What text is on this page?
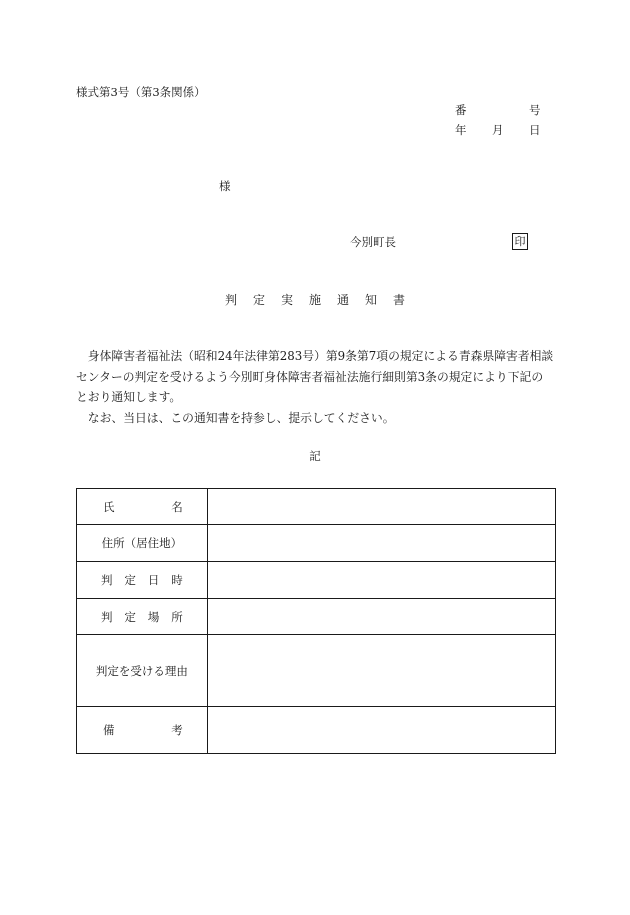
様式第3号（第3条関係）
番	号
年 月 日
様
今別町長	印
判 定 実 施 通 知 書

身体障害者福祉法（昭和24年法律第283号）第9条第7項の規定による青森県障害者相談センターの判定を受けるよう今別町身体障害者福祉法施行細則第3条の規定により下記のとおり通知します。

なお、当日は、この通知書を持参し、提示してください。

記
氏 名	

住所（居住地）	

判 定 日 時	

判 定 場 所	

判定を受ける理由	

備 考	
